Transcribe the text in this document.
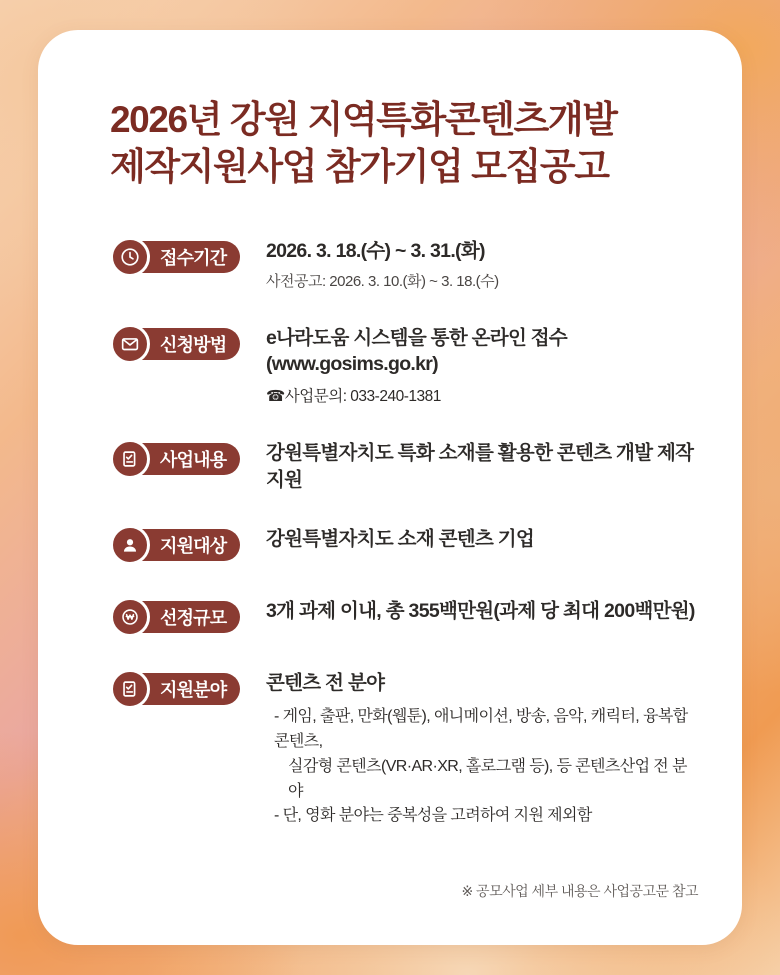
2026년 강원 지역특화콘텐츠개발
제작지원사업 참가기업 모집공고
접수기간	2026. 3. 18.(수) ~ 3. 31.(화)
사전공고: 2026. 3. 10.(화) ~ 3. 18.(수)
신청방법	e나라도움 시스템을 통한 온라인 접수 (www.gosims.go.kr)
☎사업문의: 033-240-1381
사업내용	강원특별자치도 특화 소재를 활용한 콘텐츠 개발 제작 지원
지원대상	강원특별자치도 소재 콘텐츠 기업
선정규모	3개 과제 이내, 총 355백만원(과제 당 최대 200백만원)
지원분야	콘텐츠 전 분야
- 게임, 출판, 만화(웹툰), 애니메이션, 방송, 음악, 캐릭터, 융복합 콘텐츠,
실감형 콘텐츠(VR·AR·XR, 홀로그램 등), 등 콘텐츠산업 전 분야
- 단, 영화 분야는 중복성을 고려하여 지원 제외함
※ 공모사업 세부 내용은 사업공고문 참고
